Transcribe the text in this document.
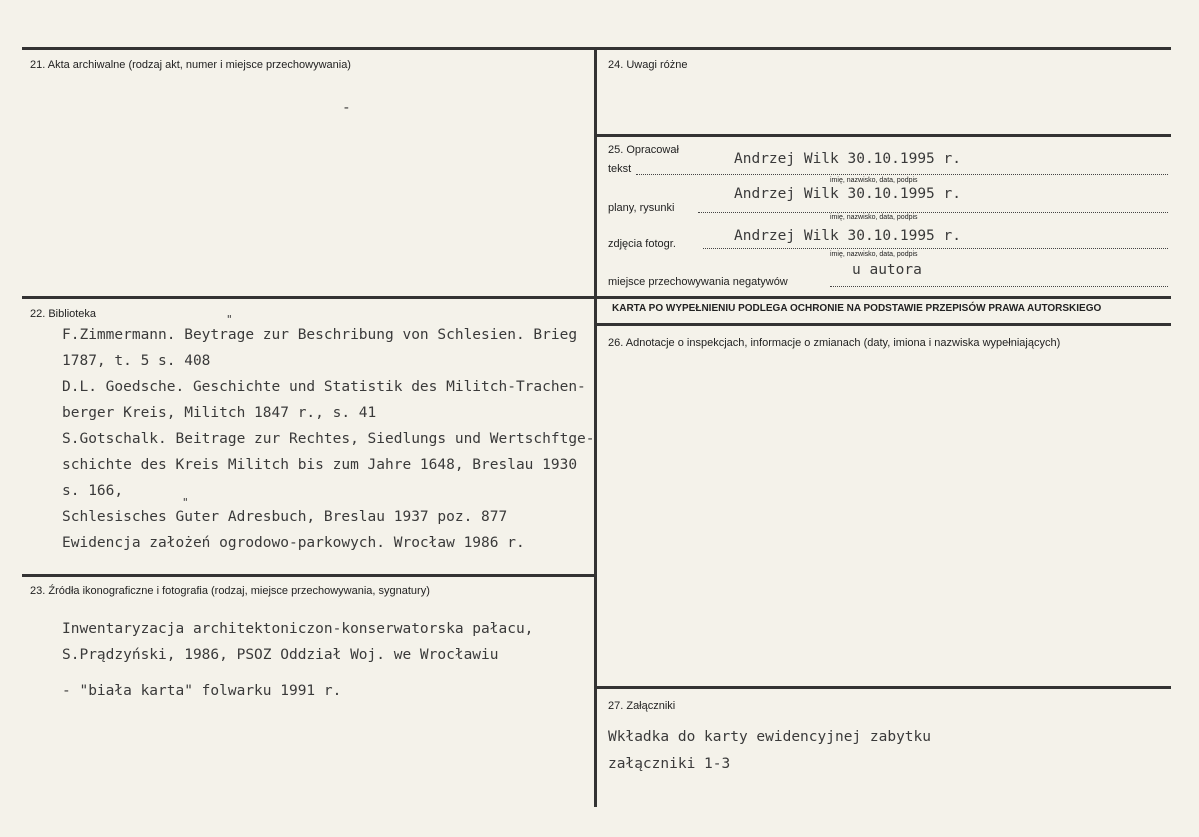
21. Akta archiwalne (rodzaj akt, numer i miejsce przechowywania)
-
22. Biblioteka	"
F.Zimmermann. Beytrage zur Beschribung von Schlesien. Brieg
1787, t. 5 s. 408
D.L. Goedsche. Geschichte und Statistik des Militch-Trachen-
berger Kreis, Militch 1847 r., s. 41
S.Gotschalk. Beitrage zur Rechtes, Siedlungs und Wertschftge-
schichte des Kreis Militch bis zum Jahre 1648, Breslau 1930
s. 166,
"
Schlesisches Guter Adresbuch, Breslau 1937 poz. 877
Ewidencja założeń ogrodowo-parkowych. Wrocław 1986 r.
23. Źródła ikonograficzne i fotografia (rodzaj, miejsce przechowywania, sygnatury)
Inwentaryzacja architektoniczon-konserwatorska pałacu,
S.Prądzyński, 1986, PSOZ Oddział Woj. we Wrocławiu
- "biała karta" folwarku 1991 r.
24. Uwagi różne
25. Opracował
tekst
Andrzej Wilk 30.10.1995 r.
imię, nazwisko, data, podpis
plany, rysunki
Andrzej Wilk 30.10.1995 r.
imię, nazwisko, data, podpis
zdjęcia fotogr.	Andrzej Wilk 30.10.1995 r.
imię, nazwisko, data, podpis
miejsce przechowywania negatywów
u autora
KARTA PO WYPEŁNIENIU PODLEGA OCHRONIE NA PODSTAWIE PRZEPISÓW PRAWA AUTORSKIEGO
26. Adnotacje o inspekcjach, informacje o zmianach (daty, imiona i nazwiska wypełniających)
27. Załączniki
Wkładka do karty ewidencyjnej zabytku
załączniki 1-3
